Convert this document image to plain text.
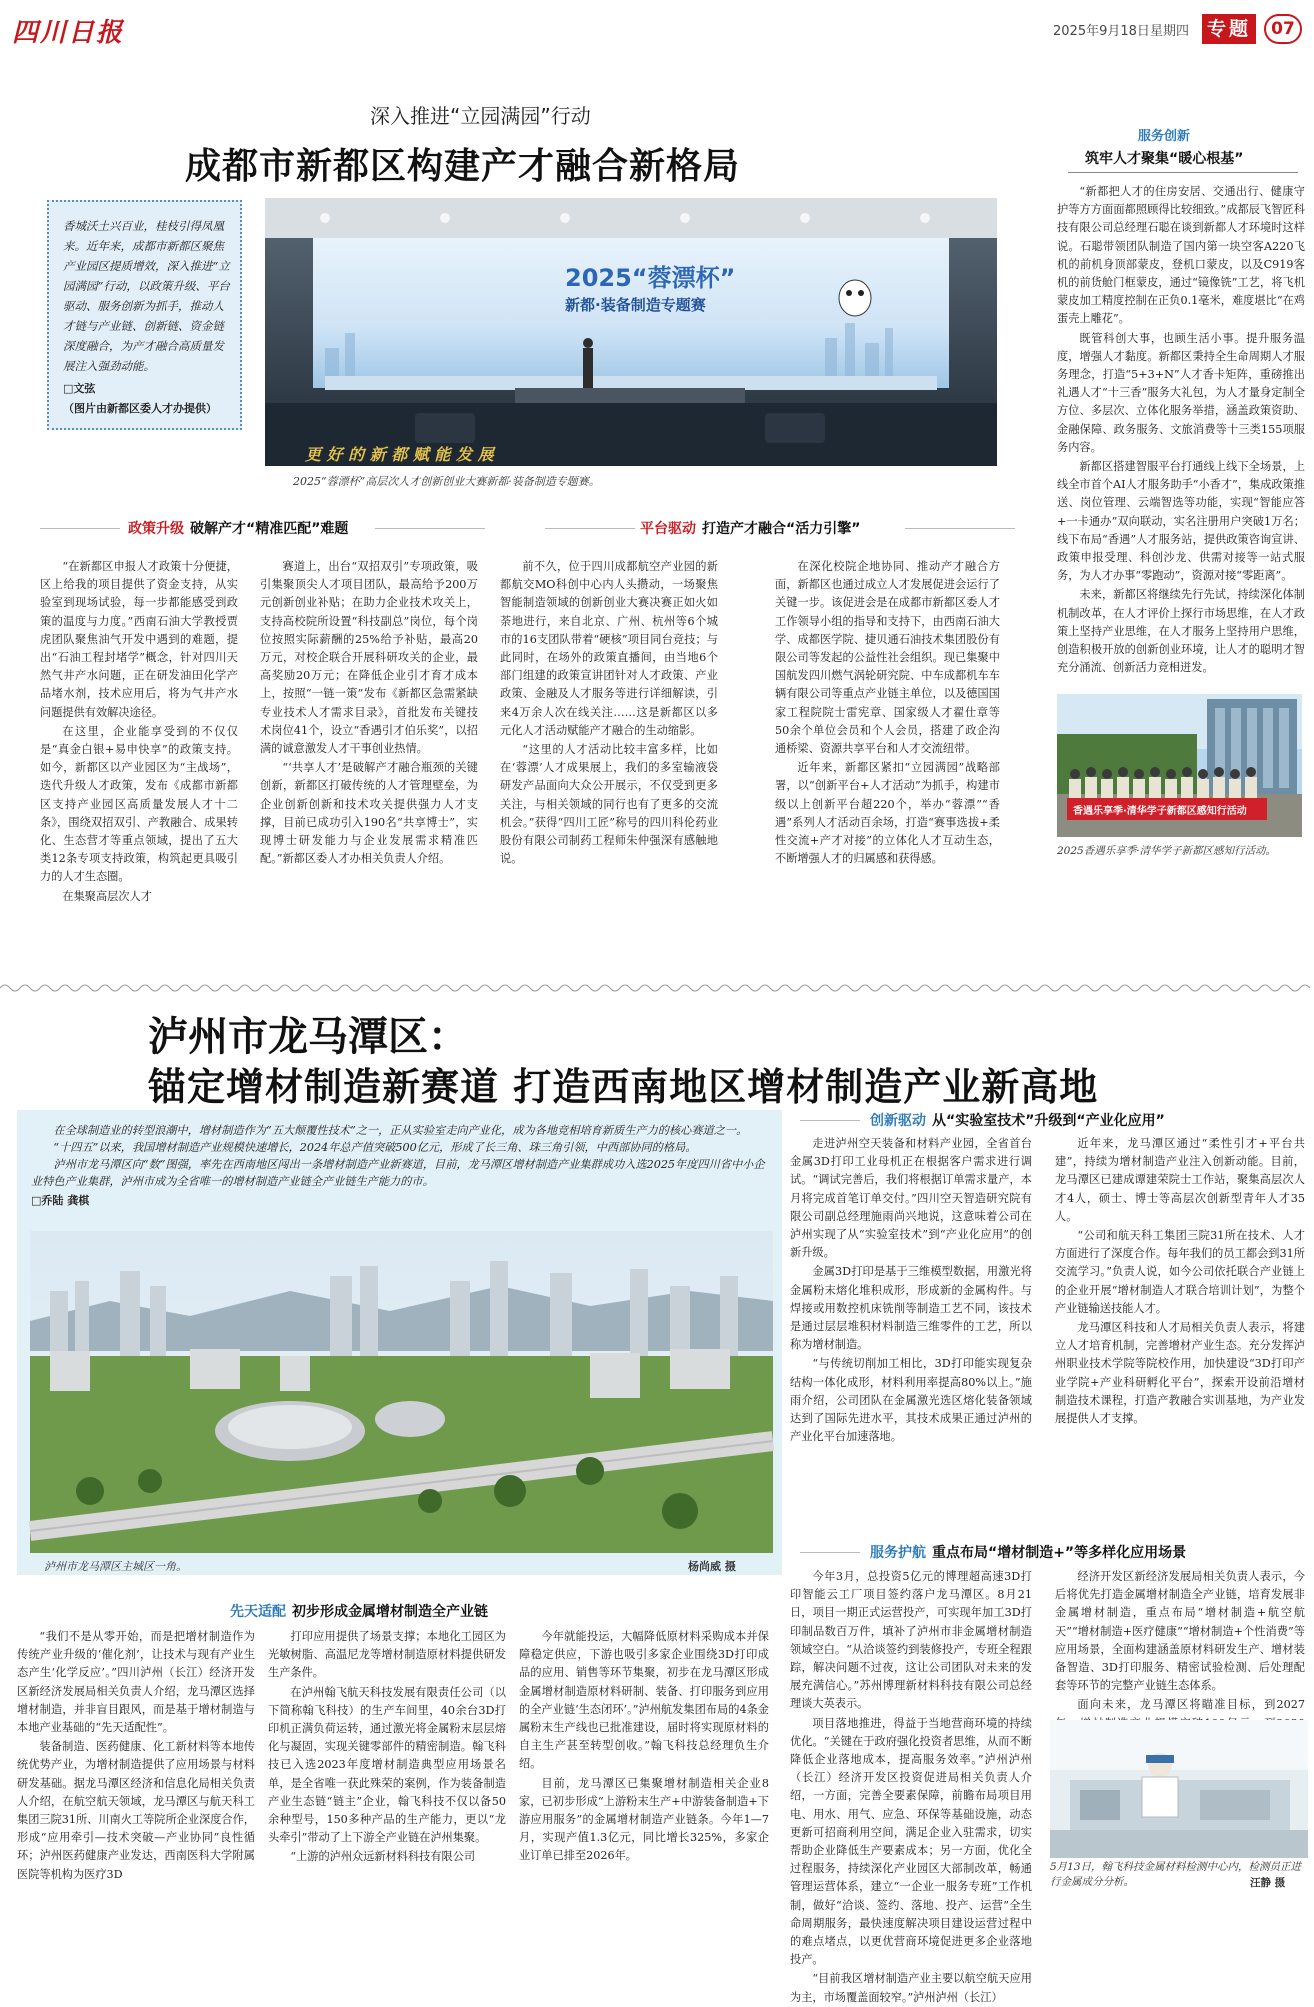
四川日报	2025年9月18日 星期四 专题	07
深入推进“立园满园”行动
成都市新都区构建产才融合新格局
香城沃土兴百业，桂枝引得凤凰来。近年来，成都市新都区聚焦产业园区提质增效，深入推进“立园满园”行动，以政策升级、平台驱动、服务创新为抓手，推动人才链与产业链、创新链、资金链深度融合，为产才融合高质量发展注入强劲动能。
□文弦
（图片由新都区委人才办提供）
2025“蓉漂杯”
新都·装备制造专题赛
更 好 的 新 都 赋 能 发 展
2025“蓉漂杯”高层次人才创新创业大赛新都·装备制造专题赛。
政策升级 破解产才“精准匹配”难题	平台驱动 打造产才融合“活力引擎”

“在新都区申报人才政策十分便捷，区上给我的项目提供了资金支持，从实验室到现场试验，每一步都能感受到政策的温度与力度。”西南石油大学教授贾虎团队聚焦油气开发中遇到的难题，提出“石油工程封堵学”概念，针对四川天然气井产水问题，正在研发油田化学产品堵水剂，技术应用后，将为气井产水问题提供有效解决途径。

在这里，企业能享受到的不仅仅是“真金白银+易申快享”的政策支持。如今，新都区以产业园区为“主战场”，迭代升级人才政策，发布《成都市新都区支持产业园区高质量发展人才十二条》，围绕双招双引、产教融合、成果转化、生态营才等重点领域，提出了五大类12条专项支持政策，构筑起更具吸引力的人才生态圈。

在集聚高层次人才

赛道上，出台“双招双引”专项政策，吸引集聚顶尖人才项目团队，最高给予200万元创新创业补贴；在助力企业技术攻关上，支持高校院所设置“科技副总”岗位，每个岗位按照实际薪酬的25%给予补贴，最高20万元，对校企联合开展科研攻关的企业，最高奖励20万元；在降低企业引才育才成本上，按照“一链一策”发布《新都区急需紧缺专业技术人才需求目录》，首批发布关键技术岗位41个，设立“香遇引才伯乐奖”，以招满的诚意激发人才干事创业热情。

“‘共享人才’是破解产才融合瓶颈的关键创新，新都区打破传统的人才管理壁垒，为企业创新创新和技术攻关提供强力人才支撑，目前已成功引入190名“共享博士”，实现博士研发能力与企业发展需求精准匹配。”新都区委人才办相关负责人介绍。

前不久，位于四川成都航空产业园的新都航交MO科创中心内人头攒动，一场聚焦智能制造领域的创新创业大赛决赛正如火如荼地进行，来自北京、广州、杭州等6个城市的16支团队带着“硬核”项目同台竞技；与此同时，在场外的政策直播间，由当地6个部门组建的政策宣讲团针对人才政策、产业政策、金融及人才服务等进行详细解读，引来4万余人次在线关注……这是新都区以多元化人才活动赋能产才融合的生动缩影。

“这里的人才活动比较丰富多样，比如在‘蓉漂’人才成果展上，我们的多室输液袋研发产品面向大众公开展示，不仅受到更多关注，与相关领域的同行也有了更多的交流机会。”获得“四川工匠”称号的四川科伦药业股份有限公司制药工程师朱仲强深有感触地说。

在深化校院企地协同、推动产才融合方面，新都区也通过成立人才发展促进会运行了关键一步。该促进会是在成都市新都区委人才工作领导小组的指导和支持下，由西南石油大学、成都医学院、捷贝通石油技术集团股份有限公司等发起的公益性社会组织。现已集聚中国航发四川燃气涡轮研究院、中车成都机车车辆有限公司等重点产业链主单位，以及德国国家工程院院士雷宪章、国家级人才翟仕章等50余个单位会员和个人会员，搭建了政企沟通桥梁、资源共享平台和人才交流纽带。

近年来，新都区紧扣“立园满园”战略部署，以“创新平台+人才活动”为抓手，构建市级以上创新平台超220个，举办“蓉漂”“香遇”系列人才活动百余场，打造“赛事选拔+柔性交流+产才对接”的立体化人才互动生态，不断增强人才的归属感和获得感。

服务创新
筑牢人才聚集“暖心根基”

“新都把人才的住房安居、交通出行、健康守护等方方面面都照顾得比较细致。”成都辰飞智匠科技有限公司总经理石聪在谈到新都人才环境时这样说。石聪带领团队制造了国内第一块空客A220飞机的前机身顶部蒙皮，登机口蒙皮，以及C919客机的前货舱门框蒙皮，通过“镜像铣”工艺，将飞机蒙皮加工精度控制在正负0.1毫米，难度堪比“在鸡蛋壳上雕花”。

既管科创大事，也顾生活小事。提升服务温度，增强人才黏度。新都区秉持全生命周期人才服务理念，打造“5+3+N”人才香卡矩阵，重磅推出礼遇人才“十三香”服务大礼包，为人才量身定制全方位、多层次、立体化服务举措，涵盖政策资助、金融保障、政务服务、文旅消费等十三类155项服务内容。

新都区搭建智服平台打通线上线下全场景，上线全市首个AI人才服务助手“小香才”，集成政策推送、岗位管理、云端智选等功能，实现“智能应答+一卡通办”双向联动，实名注册用户突破1万名；线下布局“香遇”人才服务站，提供政策咨询宣讲、政策申报受理、科创沙龙、供需对接等一站式服务，为人才办事“零跑动”，资源对接“零距离”。

未来，新都区将继续先行先试，持续深化体制机制改革，在人才评价上探行市场思维，在人才政策上坚持产业思维，在人才服务上坚持用户思维，创造积极开放的创新创业环境，让人才的聪明才智充分涌流、创新活力竞相迸发。

香遇乐享季·清华学子新都区感知行活动
2025香遇乐享季·清华学子新都区感知行活动。
泸州市龙马潭区：
锚定增材制造新赛道 打造西南地区增材制造产业新高地

在全球制造业的转型浪潮中，增材制造作为“五大颠覆性技术”之一，正从实验室走向产业化，成为各地竞相培育新质生产力的核心赛道之一。

“十四五”以来，我国增材制造产业规模快速增长，2024年总产值突破500亿元，形成了长三角、珠三角引领，中西部协同的格局。

泸州市龙马潭区向“数”图强，率先在西南地区闯出一条增材制造产业新赛道，目前，龙马潭区增材制造产业集群成功入选2025年度四川省中小企业特色产业集群，泸州市成为全省唯一的增材制造产业链全产业链生产能力的市。

□乔陆 龚棋
泸州市龙马潭区主城区一角。	杨尚威 摄
创新驱动 从“实验室技术”升级到“产业化应用”
服务护航 重点布局“增材制造+”等多样化应用场景
先天适配 初步形成金属增材制造全产业链

走进泸州空天装备和材料产业园，全省首台金属3D打印工业母机正在根据客户需求进行调试。“调试完善后，我们将根据订单需求量产，本月将完成首笔订单交付。”四川空天智造研究院有限公司副总经理施雨尚兴地说，这意味着公司在泸州实现了从“实验室技术”到“产业化应用”的创新升级。

金属3D打印是基于三维模型数据，用激光将金属粉末熔化堆积成形，形成新的金属构件。与焊接或用数控机床铣削等制造工艺不同，该技术是通过层层堆积材料制造三维零件的工艺，所以称为增材制造。

“与传统切削加工相比，3D打印能实现复杂结构一体化成形，材料利用率提高80%以上。”施雨介绍，公司团队在金属激光选区熔化装备领域达到了国际先进水平，其技术成果正通过泸州的产业化平台加速落地。

近年来，龙马潭区通过“柔性引才+平台共建”，持续为增材制造产业注入创新动能。目前，龙马潭区已建成谭建荣院士工作站，聚集高层次人才4人，硕士、博士等高层次创新型青年人才35人。

“公司和航天科工集团三院31所在技术、人才方面进行了深度合作。每年我们的员工都会到31所交流学习。”负责人说，如今公司依托联合产业链上的企业开展“增材制造人才联合培训计划”，为整个产业链输送技能人才。

龙马潭区科技和人才局相关负责人表示，将建立人才培育机制，完善增材产业生态。充分发挥泸州职业技术学院等院校作用，加快建设“3D打印产业学院+产业科研孵化平台”，探索开设前沿增材制造技术课程，打造产教融合实训基地，为产业发展提供人才支撑。

今年3月，总投资5亿元的博理超高速3D打印智能云工厂项目签约落户龙马潭区。8月21日，项目一期正式运营投产，可实现年加工3D打印制品数百万件，填补了泸州市非金属增材制造领域空白。“从洽谈签约到装修投产，专班全程跟踪，解决问题不过夜，这让公司团队对未来的发展充满信心。”苏州博理新材料科技有限公司总经理谈大英表示。

项目落地推进，得益于当地营商环境的持续优化。“关键在于政府强化投资者思维，从而不断降低企业落地成本，提高服务效率。”泸州泸州（长江）经济开发区投资促进局相关负责人介绍，一方面，完善全要素保障，前瞻布局项目用电、用水、用气、应急、环保等基础设施，动态更新可招商利用空间，满足企业入驻需求，切实帮助企业降低生产要素成本；另一方面，优化全过程服务，持续深化产业园区大部制改革，畅通管理运营体系，建立“一企业一服务专班”工作机制，做好“洽谈、签约、落地、投产、运营”全生命周期服务，最快速度解决项目建设运营过程中的难点堵点，以更优营商环境促进更多企业落地投产。

“目前我区增材制造产业主要以航空航天应用为主，市场覆盖面较窄。”泸州泸州（长江）

经济开发区新经济发展局相关负责人表示，今后将优先打造金属增材制造全产业链，培育发展非金属增材制造，重点布局“增材制造+航空航天”“增材制造+医疗健康”“增材制造+个性消费”等应用场景，全面构建涵盖原材料研发生产、增材装备智造、3D打印服务、精密试验检测、后处理配套等环节的完整产业链生态体系。

面向未来，龙马潭区将瞄准目标，到2027

“我们不是从零开始，而是把增材制造作为传统产业升级的‘催化剂’，让技术与现有产业生态产生‘化学反应’。”四川泸州（长江）经济开发区新经济发展局相关负责人介绍，龙马潭区选择增材制造，并非盲目跟风，而是基于增材制造与本地产业基础的“先天适配性”。

装备制造、医药健康、化工新材料等本地传统优势产业，为增材制造提供了应用场景与材料研发基础。据龙马潭区经济和信息化局相关负责人介绍，在航空航天领域，龙马潭区与航天科工集团三院31所、川南火工等院所企业深度合作，形成“应用牵引—技术突破—产业协同”良性循环；泸州医药健康产业发达，西南医科大学附属医院等机构为医疗3D

打印应用提供了场景支撑；本地化工园区为光敏树脂、高温尼龙等增材制造原材料提供研发生产条件。

在泸州翰飞航天科技发展有限责任公司（以下简称翰飞科技）的生产车间里，40余台3D打印机正满负荷运转，通过激光将金属粉末层层熔化与凝固，实现关键零部件的精密制造。翰飞科技已入选2023年度增材制造典型应用场景名单，是全省唯一获此殊荣的案例，作为装备制造产业生态链“链主”企业，翰飞科技不仅以备50余种型号，150多种产品的生产能力，更以“龙头牵引”带动了上下游全产业链在泸州集聚。

“上游的泸州众远新材料科技有限公司

今年就能投运，大幅降低原材料采购成本并保障稳定供应，下游也吸引多家企业围绕3D打印成品的应用、销售等环节集聚，初步在龙马潭区形成金属增材制造原材料研制、装备、打印服务到应用的全产业链‘生态闭环’。”泸州航发集团布局的4条金属粉末生产线也已批准建设，届时将实现原材料的自主生产甚至转型创收。”翰飞科技总经理负生介绍。

目前，龙马潭区已集聚增材制造相关企业8家，已初步形成“上游粉末生产+中游装备制造+下游应用服务”的金属增材制造产业链条。今年1—7月，实现产值1.3亿元，同比增长325%，多家企业订单已排至2026年。

5月13日，翰飞科技金属材料检测中心内，检测员正进行金属成分分析。	汪静 摄
